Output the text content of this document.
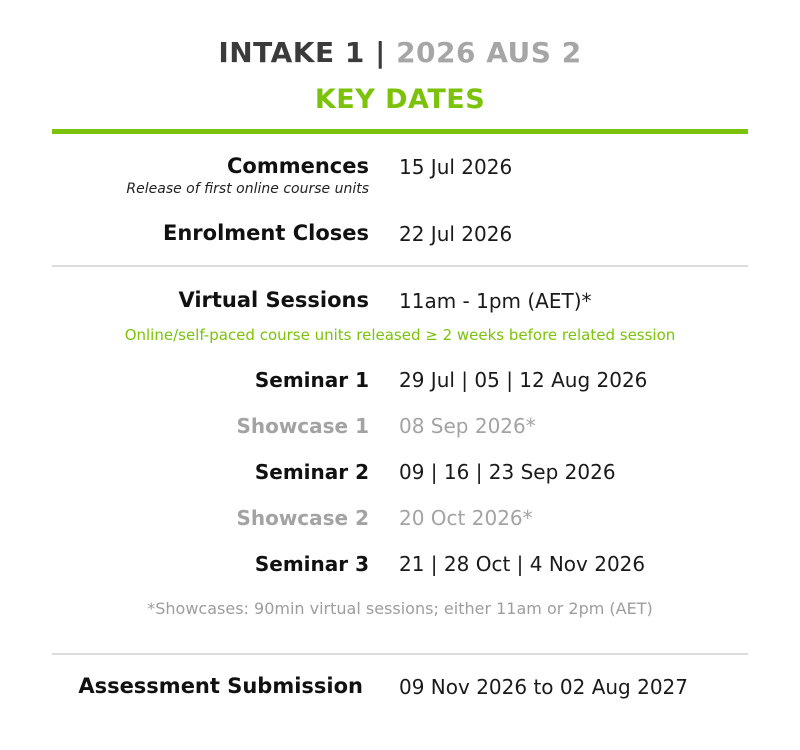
INTAKE 1 | 2026 AUS 2
KEY DATES
Commences 15 Jul 2026
Release of first online course units
Enrolment Closes 22 Jul 2026
Virtual Sessions 11am - 1pm (AET)*
Online/self-paced course units released ≥ 2 weeks before related session
Seminar 1 29 Jul | 05 | 12 Aug 2026
Showcase 1 08 Sep 2026*
Seminar 2 09 | 16 | 23 Sep 2026
Showcase 2 20 Oct 2026*
Seminar 3 21 | 28 Oct | 4 Nov 2026
*Showcases: 90min virtual sessions; either 11am or 2pm (AET)
Assessment Submission 09 Nov 2026 to 02 Aug 2027
